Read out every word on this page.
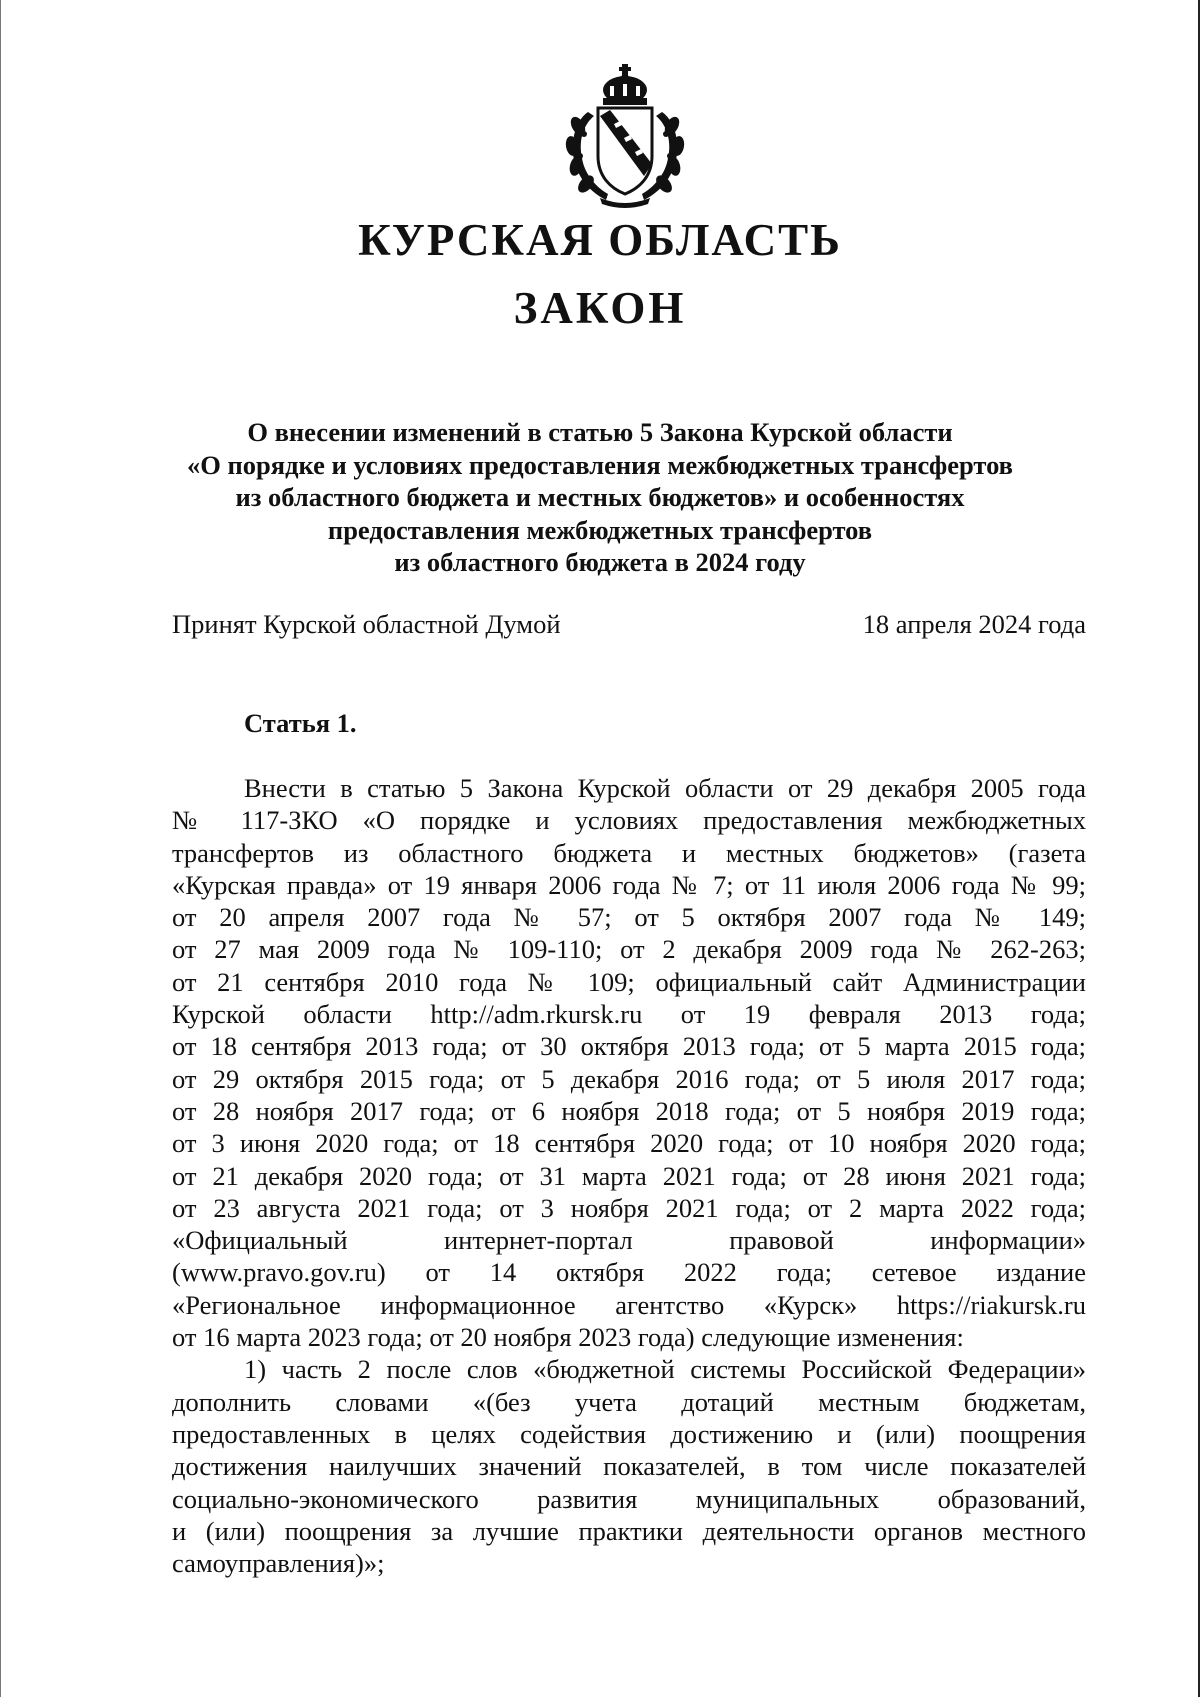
КУРСКАЯ ОБЛАСТЬ
ЗАКОН
О внесении изменений в статью 5 Закона Курской области
«О порядке и условиях предоставления межбюджетных трансфертов
из областного бюджета и местных бюджетов» и особенностях
предоставления межбюджетных трансфертов
из областного бюджета в 2024 году
Принят Курской областной Думой	18 апреля 2024 года
Статья 1.
Внести в статью 5 Закона Курской области от 29 декабря 2005 года
№ 117-ЗКО «О порядке и условиях предоставления межбюджетных
трансфертов из областного бюджета и местных бюджетов» (газета
«Курская правда» от 19 января 2006 года № 7; от 11 июля 2006 года № 99;
от 20 апреля 2007 года № 57; от 5 октября 2007 года № 149;
от 27 мая 2009 года № 109-110; от 2 декабря 2009 года № 262-263;
от 21 сентября 2010 года № 109; официальный сайт Администрации
Курской области http://adm.rkursk.ru от 19 февраля 2013 года;
от 18 сентября 2013 года; от 30 октября 2013 года; от 5 марта 2015 года;
от 29 октября 2015 года; от 5 декабря 2016 года; от 5 июля 2017 года;
от 28 ноября 2017 года; от 6 ноября 2018 года; от 5 ноября 2019 года;
от 3 июня 2020 года; от 18 сентября 2020 года; от 10 ноября 2020 года;
от 21 декабря 2020 года; от 31 марта 2021 года; от 28 июня 2021 года;
от 23 августа 2021 года; от 3 ноября 2021 года; от 2 марта 2022 года;
«Официальный интернет-портал правовой информации»
(www.pravo.gov.ru) от 14 октября 2022 года; сетевое издание
«Региональное информационное агентство «Курск» https://riakursk.ru
от 16 марта 2023 года; от 20 ноября 2023 года) следующие изменения:
1) часть 2 после слов «бюджетной системы Российской Федерации»
дополнить словами «(без учета дотаций местным бюджетам,
предоставленных в целях содействия достижению и (или) поощрения
достижения наилучших значений показателей, в том числе показателей
социально-экономического развития муниципальных образований,
и (или) поощрения за лучшие практики деятельности органов местного
самоуправления)»;
